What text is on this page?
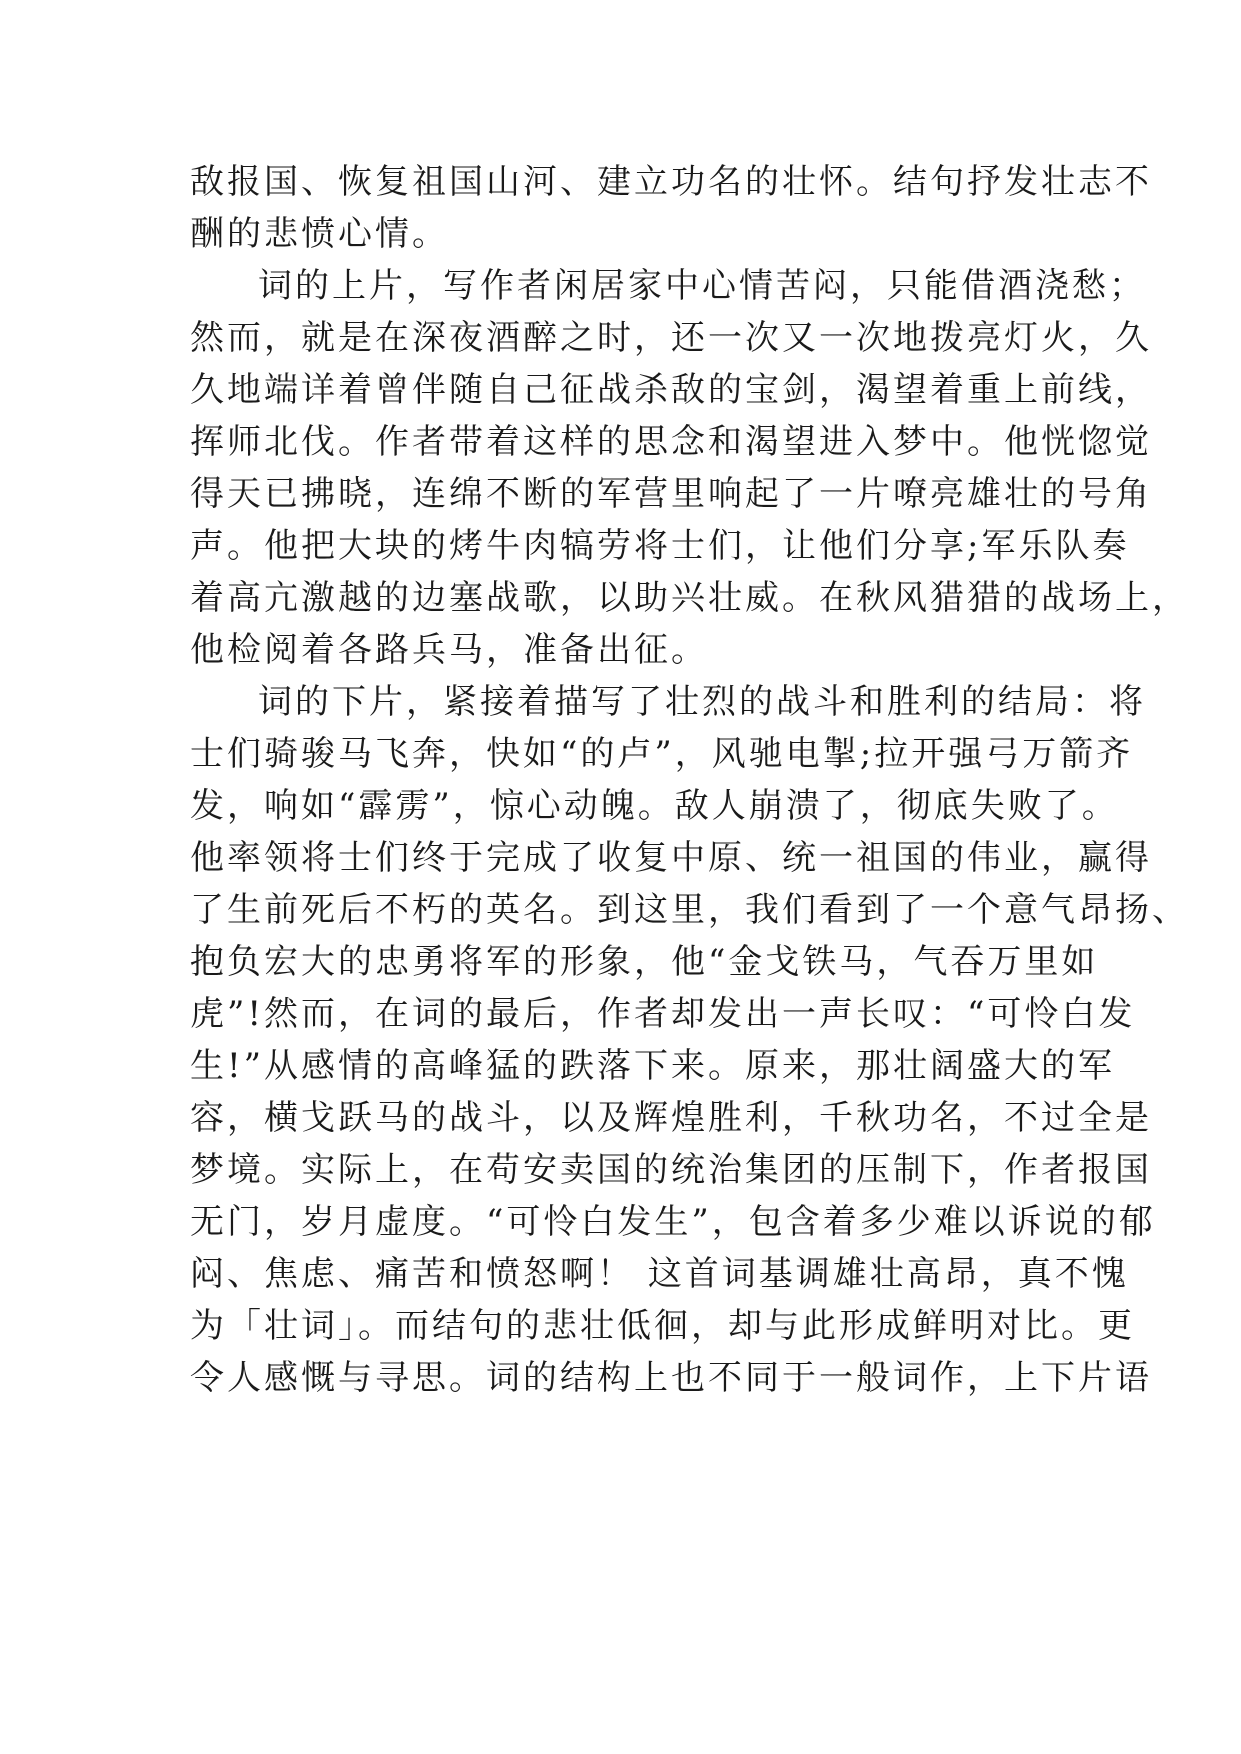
敌报国、恢复祖国山河、建立功名的壮怀。结句抒发壮志不
酬的悲愤心情。
词的上片，写作者闲居家中心情苦闷，只能借酒浇愁；
然而，就是在深夜酒醉之时，还一次又一次地拨亮灯火，久
久地端详着曾伴随自己征战杀敌的宝剑，渴望着重上前线，
挥师北伐。作者带着这样的思念和渴望进入梦中。他恍惚觉
得天已拂晓，连绵不断的军营里响起了一片嘹亮雄壮的号角
声。他把大块的烤牛肉犒劳将士们，让他们分享;军乐队奏
着高亢激越的边塞战歌，以助兴壮威。在秋风猎猎的战场上，
他检阅着各路兵马，准备出征。
词的下片，紧接着描写了壮烈的战斗和胜利的结局：将
士们骑骏马飞奔，快如“的卢”，风驰电掣;拉开强弓万箭齐
发，响如“霹雳”，惊心动魄。敌人崩溃了，彻底失败了。
他率领将士们终于完成了收复中原、统一祖国的伟业，赢得
了生前死后不朽的英名。到这里，我们看到了一个意气昂扬、
抱负宏大的忠勇将军的形象，他“金戈铁马，气吞万里如
虎”!然而，在词的最后，作者却发出一声长叹：“可怜白发
生!”从感情的高峰猛的跌落下来。原来，那壮阔盛大的军
容，横戈跃马的战斗，以及辉煌胜利，千秋功名，不过全是
梦境。实际上，在苟安卖国的统治集团的压制下，作者报国
无门，岁月虚度。“可怜白发生”，包含着多少难以诉说的郁
闷、焦虑、痛苦和愤怒啊！ 这首词基调雄壮高昂，真不愧
为「壮词」。而结句的悲壮低徊，却与此形成鲜明对比。更
令人感慨与寻思。词的结构上也不同于一般词作，上下片语
